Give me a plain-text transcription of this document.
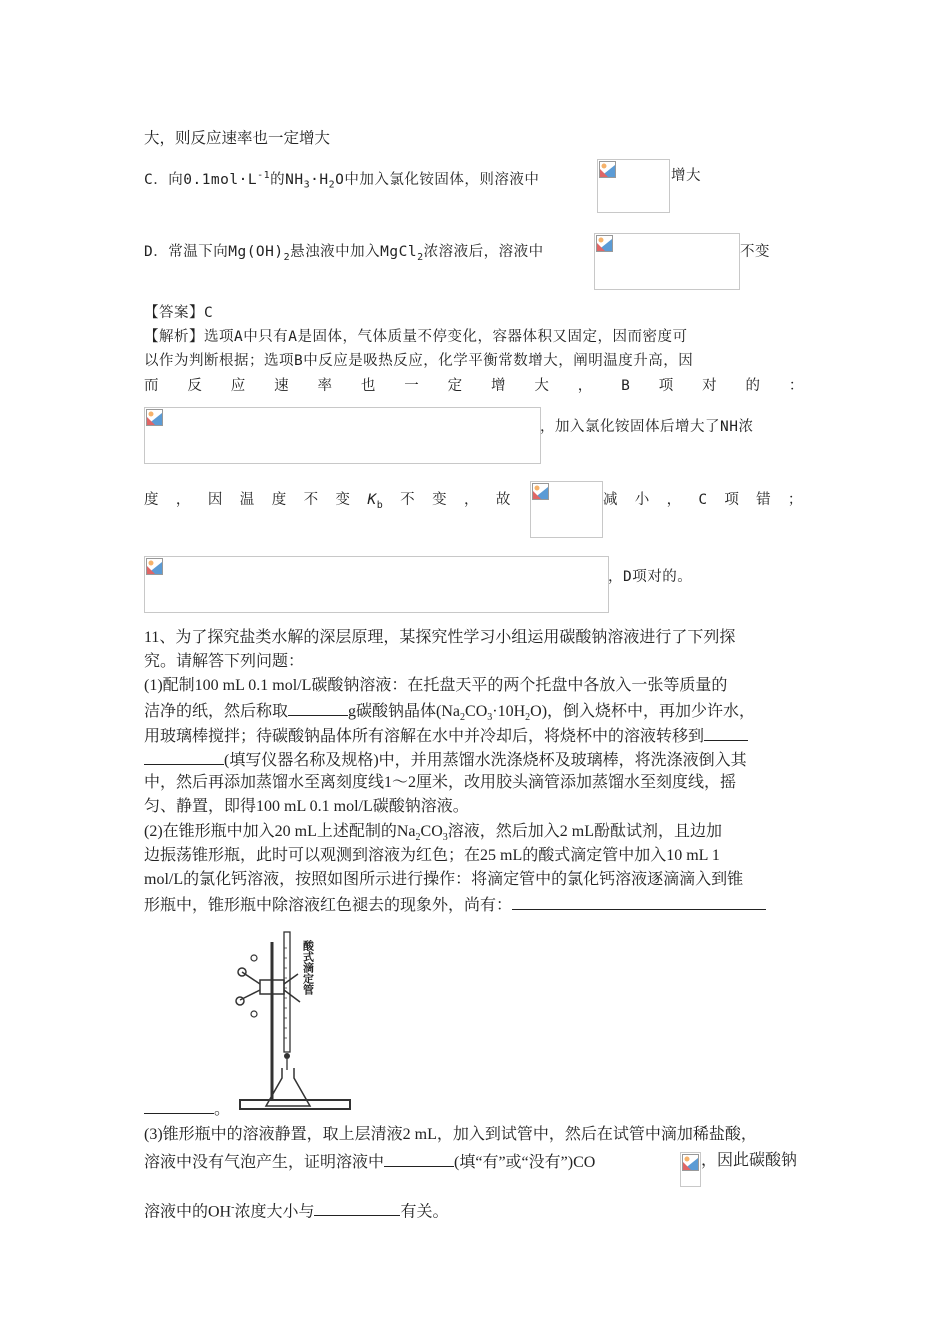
大，则反应速率也一定增大
C．向$0.1mol\cdot L^{-1}$的$NH_3\cdot H_2O$中加入氯化铵固体，则溶液中	增大
D．常温下向$Mg(OH)_2$悬浊液中加入MgCl$_2$浓溶液后，溶液中	不变
【答案】C
【解析】选项A中只有A是固体，气体质量不停变化，容器体积又固定，因而密度可
以作为判断根据；选项B中反应是吸热反应，化学平衡常数增大，阐明温度升高，因
而 反 应 速 率 也 一 定 增 大 ， B 项 对 的 ：
，加入氯化铵固体后增大了NH浓
度 ， 因 温 度 不 变 $K_b$ 不 变 ， 故	减 小 ， C 项 错 ；
，D项对的。
11、为了探究盐类水解的深层原理，某探究性学习小组运用碳酸钠溶液进行了下列探
究。请解答下列问题：
(1)配制100 mL 0.1 mol/L碳酸钠溶液：在托盘天平的两个托盘中各放入一张等质量的
洁净的纸，然后称取	g碳酸钠晶体$(Na_2CO_3\cdot 10H_2O)$，倒入烧杯中，再加少许水，
用玻璃棒搅拌；待碳酸钠晶体所有溶解在水中并冷却后，将烧杯中的溶液转移到
(填写仪器名称及规格)中，并用蒸馏水洗涤烧杯及玻璃棒，将洗涤液倒入其
中，然后再添加蒸馏水至离刻度线1～2厘米，改用胶头滴管添加蒸馏水至刻度线，摇
匀、静置，即得100 mL 0.1 mol/L碳酸钠溶液。
(2)在锥形瓶中加入20 mL上述配制的$Na_2CO_3$溶液，然后加入2 mL酚酞试剂，且边加
边振荡锥形瓶，此时可以观测到溶液为红色；在25 mL的酸式滴定管中加入10 mL 1
mol/L的氯化钙溶液，按照如图所示进行操作：将滴定管中的氯化钙溶液逐滴滴入到锥
形瓶中，锥形瓶中除溶液红色褪去的现象外，尚有：
酸式滴定管
。
(3)锥形瓶中的溶液静置，取上层清液2 mL，加入到试管中，然后在试管中滴加稀盐酸，
溶液中没有气泡产生，证明溶液中	(填“有”或“没有”)CO	，因此碳酸钠
溶液中的OH-浓度大小与	有关。
